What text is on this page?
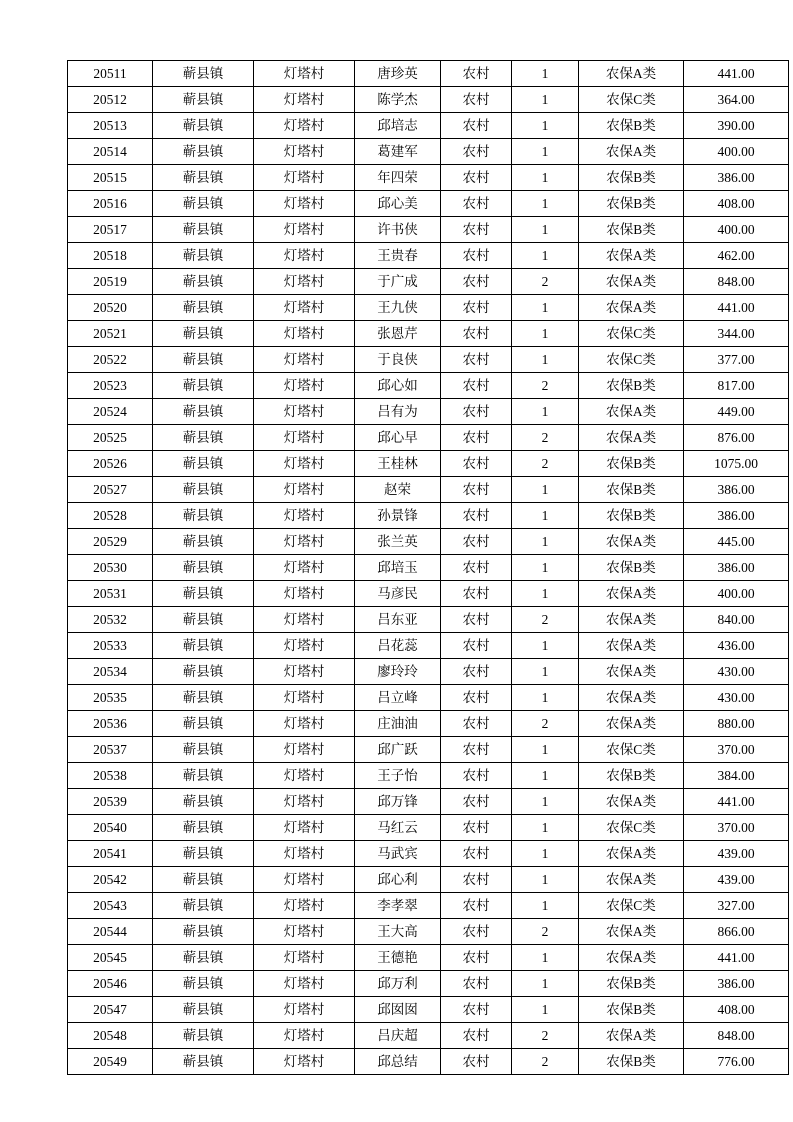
20511	蕲县镇	灯塔村	唐珍英	农村	1	农保A类	441.00
20512	蕲县镇	灯塔村	陈学杰	农村	1	农保C类	364.00
20513	蕲县镇	灯塔村	邱培志	农村	1	农保B类	390.00
20514	蕲县镇	灯塔村	葛建军	农村	1	农保A类	400.00
20515	蕲县镇	灯塔村	年四荣	农村	1	农保B类	386.00
20516	蕲县镇	灯塔村	邱心美	农村	1	农保B类	408.00
20517	蕲县镇	灯塔村	许书侠	农村	1	农保B类	400.00
20518	蕲县镇	灯塔村	王贵春	农村	1	农保A类	462.00
20519	蕲县镇	灯塔村	于广成	农村	2	农保A类	848.00
20520	蕲县镇	灯塔村	王九侠	农村	1	农保A类	441.00
20521	蕲县镇	灯塔村	张恩芹	农村	1	农保C类	344.00
20522	蕲县镇	灯塔村	于良侠	农村	1	农保C类	377.00
20523	蕲县镇	灯塔村	邱心如	农村	2	农保B类	817.00
20524	蕲县镇	灯塔村	吕有为	农村	1	农保A类	449.00
20525	蕲县镇	灯塔村	邱心早	农村	2	农保A类	876.00
20526	蕲县镇	灯塔村	王桂林	农村	2	农保B类	1075.00
20527	蕲县镇	灯塔村	赵荣	农村	1	农保B类	386.00
20528	蕲县镇	灯塔村	孙景锋	农村	1	农保B类	386.00
20529	蕲县镇	灯塔村	张兰英	农村	1	农保A类	445.00
20530	蕲县镇	灯塔村	邱培玉	农村	1	农保B类	386.00
20531	蕲县镇	灯塔村	马彦民	农村	1	农保A类	400.00
20532	蕲县镇	灯塔村	吕东亚	农村	2	农保A类	840.00
20533	蕲县镇	灯塔村	吕花蕊	农村	1	农保A类	436.00
20534	蕲县镇	灯塔村	廖玲玲	农村	1	农保A类	430.00
20535	蕲县镇	灯塔村	吕立峰	农村	1	农保A类	430.00
20536	蕲县镇	灯塔村	庄油油	农村	2	农保A类	880.00
20537	蕲县镇	灯塔村	邱广跃	农村	1	农保C类	370.00
20538	蕲县镇	灯塔村	王子怡	农村	1	农保B类	384.00
20539	蕲县镇	灯塔村	邱万锋	农村	1	农保A类	441.00
20540	蕲县镇	灯塔村	马红云	农村	1	农保C类	370.00
20541	蕲县镇	灯塔村	马武宾	农村	1	农保A类	439.00
20542	蕲县镇	灯塔村	邱心利	农村	1	农保A类	439.00
20543	蕲县镇	灯塔村	李孝翠	农村	1	农保C类	327.00
20544	蕲县镇	灯塔村	王大高	农村	2	农保A类	866.00
20545	蕲县镇	灯塔村	王德艳	农村	1	农保A类	441.00
20546	蕲县镇	灯塔村	邱万利	农村	1	农保B类	386.00
20547	蕲县镇	灯塔村	邱囡囡	农村	1	农保B类	408.00
20548	蕲县镇	灯塔村	吕庆超	农村	2	农保A类	848.00
20549	蕲县镇	灯塔村	邱总结	农村	2	农保B类	776.00
